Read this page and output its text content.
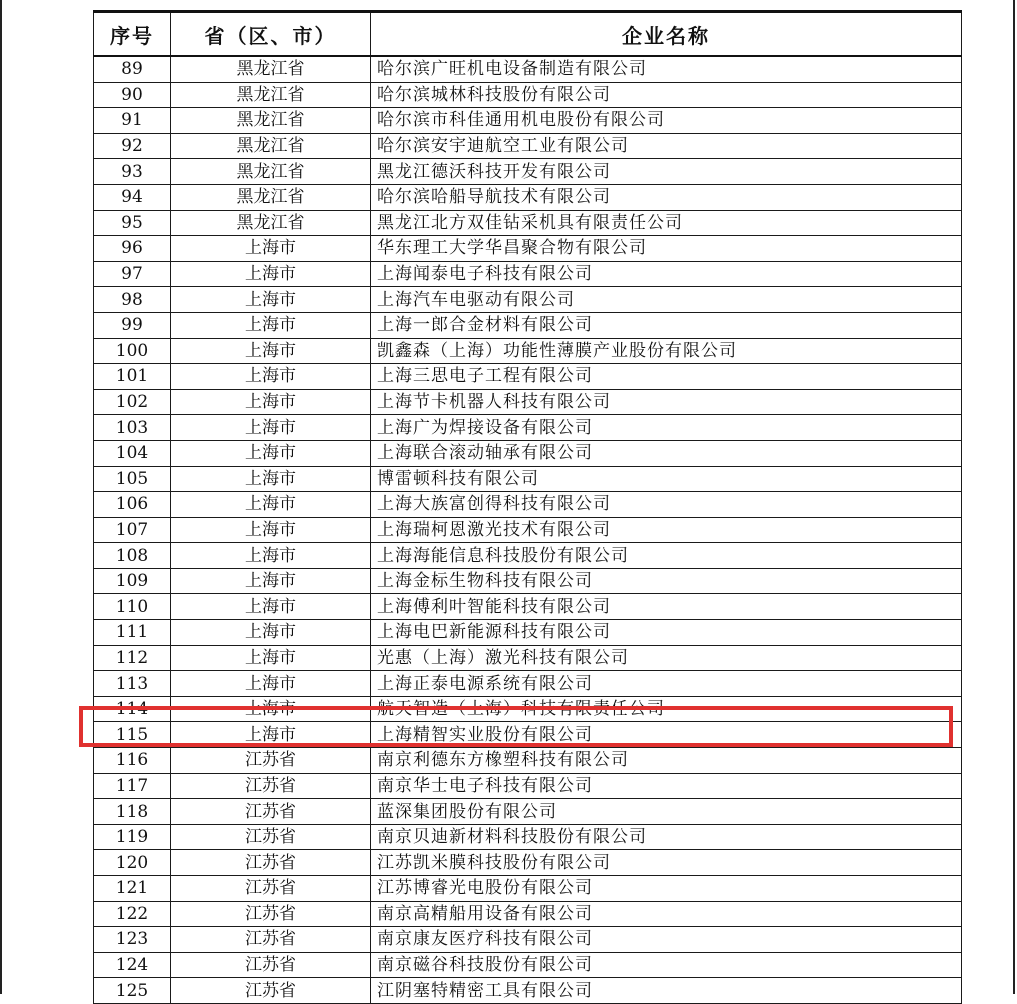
序号	省（区、市）	企业名称
89	黑龙江省	哈尔滨广旺机电设备制造有限公司
90	黑龙江省	哈尔滨城林科技股份有限公司
91	黑龙江省	哈尔滨市科佳通用机电股份有限公司
92	黑龙江省	哈尔滨安宇迪航空工业有限公司
93	黑龙江省	黑龙江德沃科技开发有限公司
94	黑龙江省	哈尔滨哈船导航技术有限公司
95	黑龙江省	黑龙江北方双佳钻采机具有限责任公司
96	上海市	华东理工大学华昌聚合物有限公司
97	上海市	上海闻泰电子科技有限公司
98	上海市	上海汽车电驱动有限公司
99	上海市	上海一郎合金材料有限公司
100	上海市	凯鑫森（上海）功能性薄膜产业股份有限公司
101	上海市	上海三思电子工程有限公司
102	上海市	上海节卡机器人科技有限公司
103	上海市	上海广为焊接设备有限公司
104	上海市	上海联合滚动轴承有限公司
105	上海市	博雷顿科技有限公司
106	上海市	上海大族富创得科技有限公司
107	上海市	上海瑞柯恩激光技术有限公司
108	上海市	上海海能信息科技股份有限公司
109	上海市	上海金标生物科技有限公司
110	上海市	上海傅利叶智能科技有限公司
111	上海市	上海电巴新能源科技有限公司
112	上海市	光惠（上海）激光科技有限公司
113	上海市	上海正泰电源系统有限公司
114	上海市	航天智造（上海）科技有限责任公司
115	上海市	上海精智实业股份有限公司
116	江苏省	南京利德东方橡塑科技有限公司
117	江苏省	南京华士电子科技有限公司
118	江苏省	蓝深集团股份有限公司
119	江苏省	南京贝迪新材料科技股份有限公司
120	江苏省	江苏凯米膜科技股份有限公司
121	江苏省	江苏博睿光电股份有限公司
122	江苏省	南京高精船用设备有限公司
123	江苏省	南京康友医疗科技有限公司
124	江苏省	南京磁谷科技股份有限公司
125	江苏省	江阴塞特精密工具有限公司
